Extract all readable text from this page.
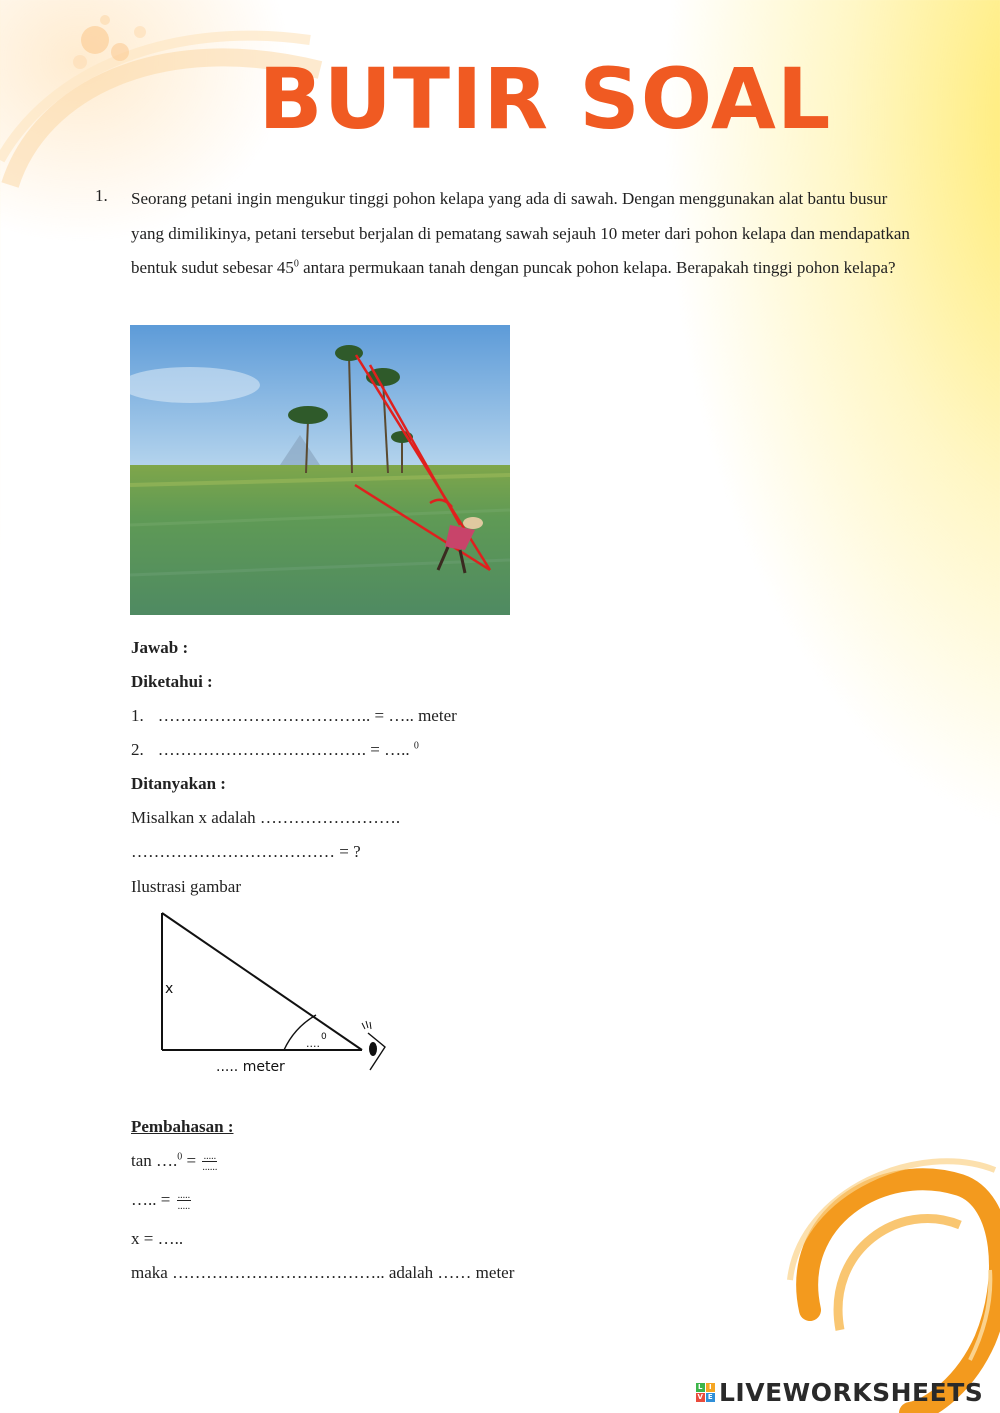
BUTIR SOAL
1. Seorang petani ingin mengukur tinggi pohon kelapa yang ada di sawah. Dengan menggunakan alat bantu busur yang dimilikinya, petani tersebut berjalan di pematang sawah sejauh 10 meter dari pohon kelapa dan mendapatkan bentuk sudut sebesar $45^0$ antara permukaan tanah dengan puncak pohon kelapa. Berapakah tinggi pohon kelapa?
Jawab :
Diketahui :
1. ……………………………….. = ….. meter
2. ………………………………. = ….. $^0$
Ditanyakan :
Misalkan x adalah …………………….
……………………………… = ?
Ilustrasi gambar
x
.... 0
..... meter
Pembahasan :
tan ….$^0$ = $\frac{.....}{......}$
….. = $\frac{.....}{.....}$
x = …..
maka ……………………………….. adalah …… meter
L I
V E LIVEWORKSHEETS
